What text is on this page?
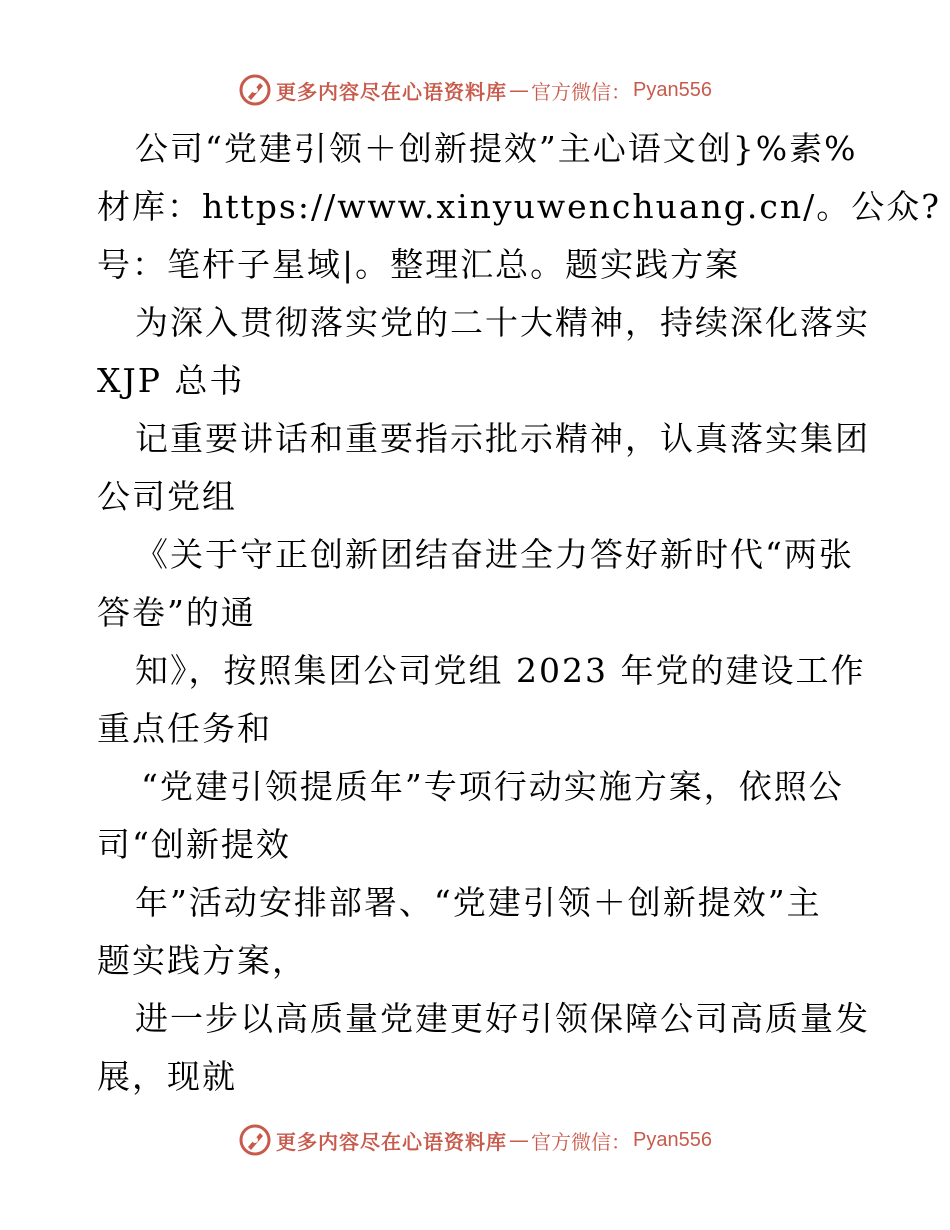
更多内容尽在心语资料库 — 官方微信： Pyan556
公司“党建引领＋创新提效”主心语文创}%素%
材库：https://www.xinyuwenchuang.cn/。公众?
号：笔杆子星域|。整理汇总。题实践方案
为深入贯彻落实党的二十大精神，持续深化落实
XJP 总书
记重要讲话和重要指示批示精神，认真落实集团
公司党组
《关于守正创新团结奋进全力答好新时代“两张
答卷”的通
知》，按照集团公司党组 2023 年党的建设工作
重点任务和
“党建引领提质年”专项行动实施方案，依照公
司“创新提效
年”活动安排部署、“党建引领＋创新提效”主
题实践方案，
进一步以高质量党建更好引领保障公司高质量发
展，现就
更多内容尽在心语资料库 — 官方微信： Pyan556
